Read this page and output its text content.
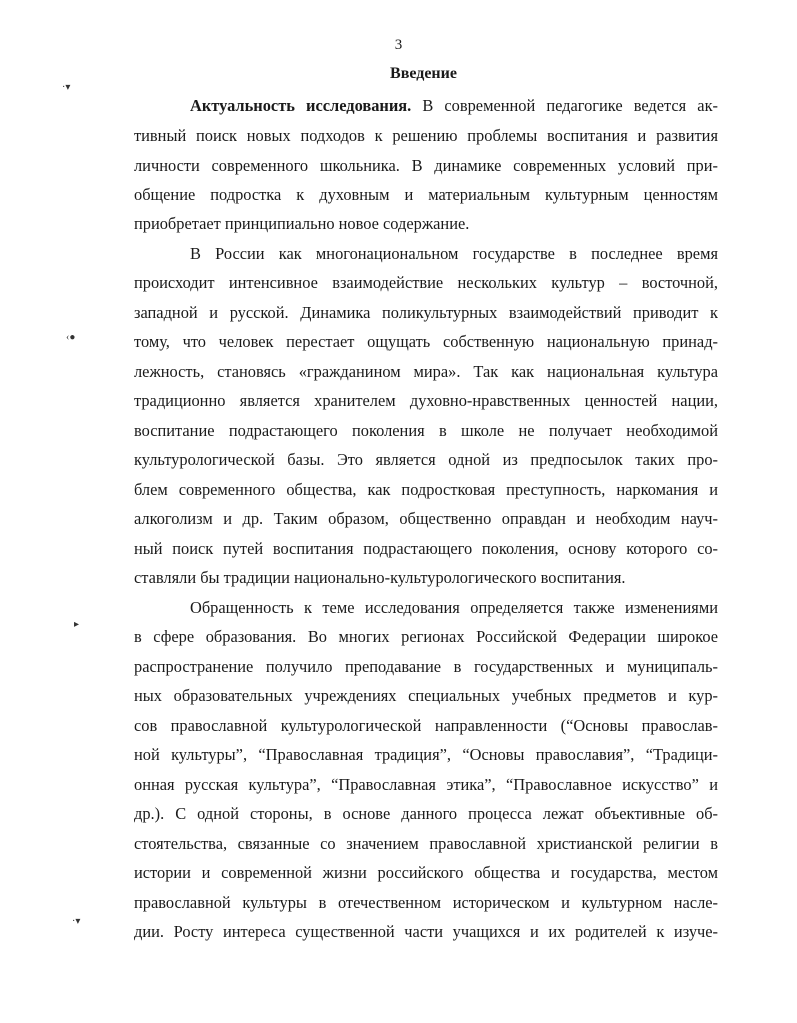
3
Введение
·▾
‹●
▸
·▾
Актуальность исследования. В современной педагогике ведется ак-
тивный поиск новых подходов к решению проблемы воспитания и развития
личности современного школьника. В динамике современных условий при-
общение подростка к духовным и материальным культурным ценностям
приобретает принципиально новое содержание.
В России как многонациональном государстве в последнее время
происходит интенсивное взаимодействие нескольких культур – восточной,
западной и русской. Динамика поликультурных взаимодействий приводит к
тому, что человек перестает ощущать собственную национальную принад-
лежность, становясь «гражданином мира». Так как национальная культура
традиционно является хранителем духовно-нравственных ценностей нации,
воспитание подрастающего поколения в школе не получает необходимой
культурологической базы. Это является одной из предпосылок таких про-
блем современного общества, как подростковая преступность, наркомания и
алкоголизм и др. Таким образом, общественно оправдан и необходим науч-
ный поиск путей воспитания подрастающего поколения, основу которого со-
ставляли бы традиции национально-культурологического воспитания.
Обращенность к теме исследования определяется также изменениями
в сфере образования. Во многих регионах Российской Федерации широкое
распространение получило преподавание в государственных и муниципаль-
ных образовательных учреждениях специальных учебных предметов и кур-
сов православной культурологической направленности (“Основы православ-
ной культуры”, “Православная традиция”, “Основы православия”, “Традици-
онная русская культура”, “Православная этика”, “Православное искусство” и
др.). С одной стороны, в основе данного процесса лежат объективные об-
стоятельства, связанные со значением православной христианской религии в
истории и современной жизни российского общества и государства, местом
православной культуры в отечественном историческом и культурном насле-
дии. Росту интереса существенной части учащихся и их родителей к изуче-
